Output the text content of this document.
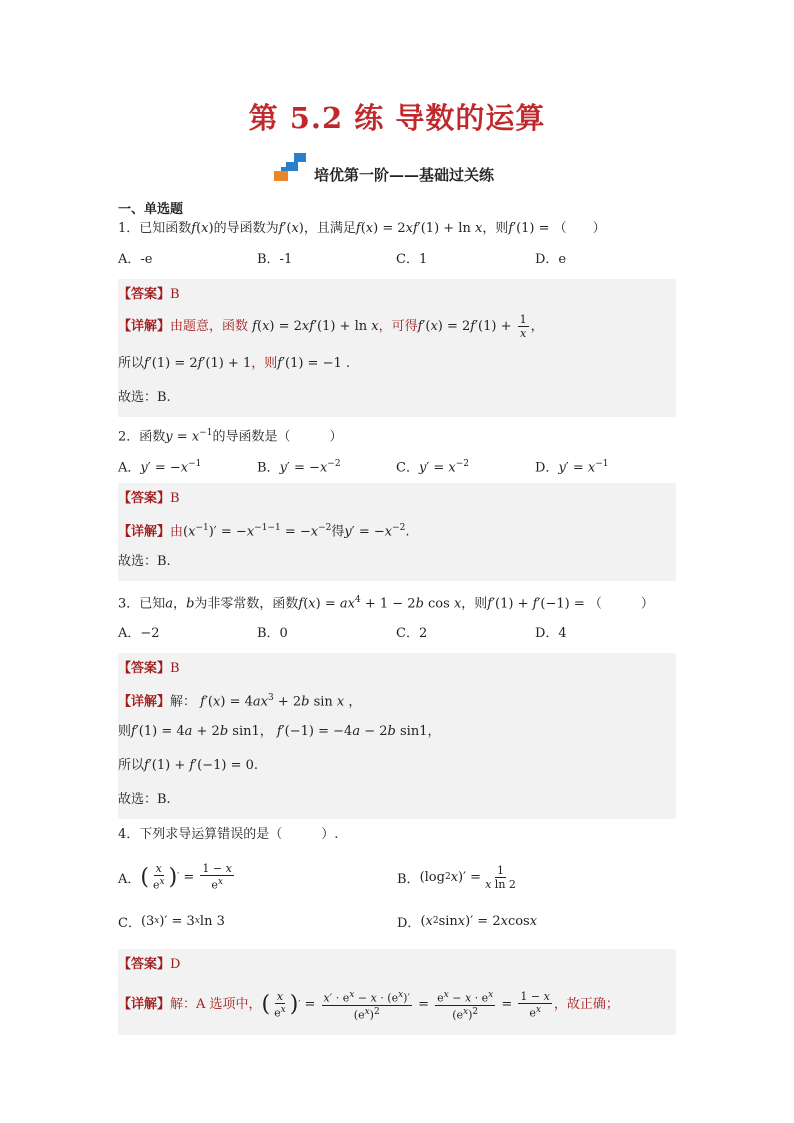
第 5.2 练 导数的运算
培优第一阶——基础过关练
一、单选题
1．已知函数f(x)的导函数为f′(x)，且满足f(x) = 2xf′(1) + ln x，则f′(1) = （　　）
A．-e	B．-1	C．1	D．e
【答案】B
【详解】由题意，函数 f(x) = 2xf′(1) + ln x，可得$f'(x) = 2f'(1) + \frac{1}{x}$ ，
所以f′(1) = 2f′(1) + 1，则f′(1) = −1 .
故选：B.
2．函数$y = x^{-1}$的导函数是（　　　）
A．$y' = -x^{-1}$	B．$y' = -x^{-2}$	C．$y' = x^{-2}$	D．$y' = x^{-1}$
【答案】B
【详解】由$(x^{-1})' = -x^{-1-1} = -x^{-2}$得$y' = -x^{-2}$.
故选：B.
3．已知a，b为非零常数，函数$f(x) = ax^4 + 1 - 2b$ cos x，则f′(1) + f′(−1) = （　　　）
A．−2	B．0	C．2	D．4
【答案】B
【详解】解： $f'(x) = 4ax^3 + 2b$ sin x ，
则f′(1) = 4a + 2b sin1， f′(−1) = −4a − 2b sin1，
所以f′(1) + f′(−1) = 0.
故选：B.
4．下列求导运算错误的是（　　　）.
A． ( $\frac{x}{e^x}$ ) ′ = $\frac{1 - x}{e^x}$	B． (log 2 x )′ = $\frac{1}{\text{x ln 2}}$
C． (3 x )′ = 3 x ln 3	D． ( x 2 sin x )′ = 2 x cos x
【答案】D
【详解】 解：A 选项中， ( $\frac{x}{e^x}$ ) ′ = $\frac{x' \cdot e^x - x \cdot (e^x)'}{(e^x)^2} = \frac{e^x - x \cdot e^x}{(e^x)^2} = \frac{1 - x}{e^x}$ ，故正确；
